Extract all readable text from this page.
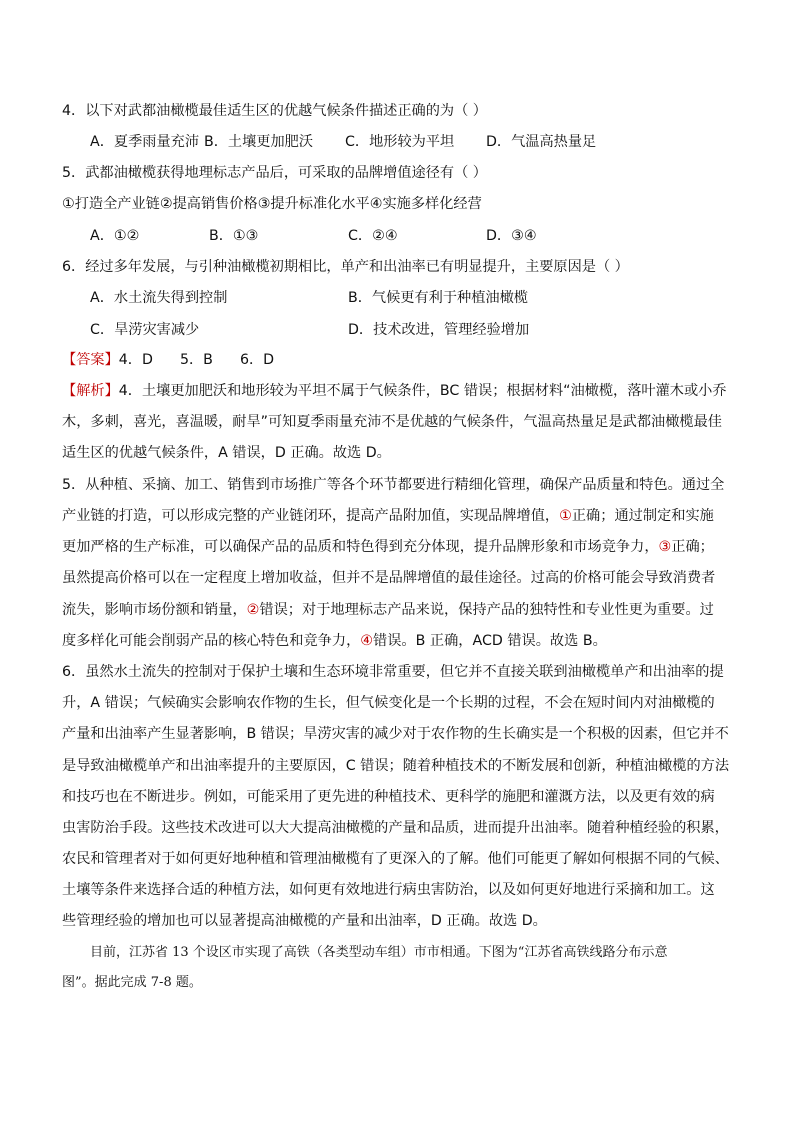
4．以下对武都油橄榄最佳适生区的优越气候条件描述正确的为（ ）
A．夏季雨量充沛 B．土壤更加肥沃 C．地形较为平坦 D．气温高热量足
5．武都油橄榄获得地理标志产品后，可采取的品牌增值途径有（ ）
①打造全产业链②提高销售价格③提升标准化水平④实施多样化经营
A．①②	B．①③	C．②④	D．③④
6．经过多年发展，与引种油橄榄初期相比，单产和出油率已有明显提升，主要原因是（ ）
A．水土流失得到控制	B．气候更有利于种植油橄榄
C．旱涝灾害减少	D．技术改进，管理经验增加
【答案】4．D      5．B      6．D
【解析】4．土壤更加肥沃和地形较为平坦不属于气候条件，BC 错误；根据材料“油橄榄，落叶灌木或小乔
木，多刺，喜光，喜温暖，耐旱”可知夏季雨量充沛不是优越的气候条件，气温高热量足是武都油橄榄最佳
适生区的优越气候条件，A 错误，D 正确。故选 D。
5．从种植、采摘、加工、销售到市场推广等各个环节都要进行精细化管理，确保产品质量和特色。通过全
产业链的打造，可以形成完整的产业链闭环，提高产品附加值，实现品牌增值，①正确；通过制定和实施
更加严格的生产标准，可以确保产品的品质和特色得到充分体现，提升品牌形象和市场竞争力，③正确；
虽然提高价格可以在一定程度上增加收益，但并不是品牌增值的最佳途径。过高的价格可能会导致消费者
流失，影响市场份额和销量，②错误；对于地理标志产品来说，保持产品的独特性和专业性更为重要。过
度多样化可能会削弱产品的核心特色和竞争力，④错误。B 正确，ACD 错误。故选 B。
6．虽然水土流失的控制对于保护土壤和生态环境非常重要，但它并不直接关联到油橄榄单产和出油率的提
升，A 错误；气候确实会影响农作物的生长，但气候变化是一个长期的过程，不会在短时间内对油橄榄的
产量和出油率产生显著影响，B 错误；旱涝灾害的减少对于农作物的生长确实是一个积极的因素，但它并不
是导致油橄榄单产和出油率提升的主要原因，C 错误；随着种植技术的不断发展和创新，种植油橄榄的方法
和技巧也在不断进步。例如，可能采用了更先进的种植技术、更科学的施肥和灌溉方法，以及更有效的病
虫害防治手段。这些技术改进可以大大提高油橄榄的产量和品质，进而提升出油率。随着种植经验的积累，
农民和管理者对于如何更好地种植和管理油橄榄有了更深入的了解。他们可能更了解如何根据不同的气候、
土壤等条件来选择合适的种植方法，如何更有效地进行病虫害防治，以及如何更好地进行采摘和加工。这
些管理经验的增加也可以显著提高油橄榄的产量和出油率，D 正确。故选 D。
目前，江苏省 13 个设区市实现了高铁（各类型动车组）市市相通。下图为“江苏省高铁线路分布示意
图”。据此完成 7-8 题。
